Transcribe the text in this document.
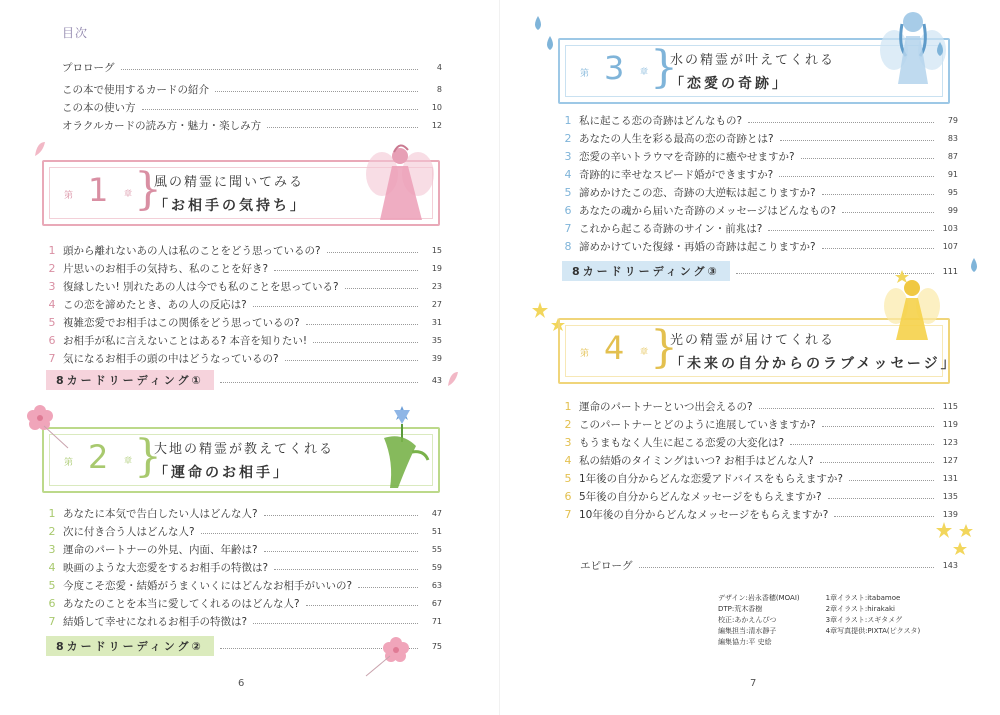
目次
プロローグ	4
この本で使用するカードの紹介	8
この本の使い方	10
オラクルカードの読み方・魅力・楽しみ方	12
第 1 章 }
風の精霊に聞いてみる
「お相手の気持ち」
1 頭から離れないあの人は私のことをどう思っているの?	15
2 片思いのお相手の気持ち、私のことを好き?	19
3 復縁したい! 別れたあの人は今でも私のことを思っている?	23
4 この恋を諦めたとき、あの人の反応は?	27
5 複雑恋愛でお相手はこの関係をどう思っているの?	31
6 お相手が私に言えないことはある? 本音を知りたい!	35
7 気になるお相手の頭の中はどうなっているの?	39
8カードリーディング①	43
第 2 章 }
大地の精霊が教えてくれる
「運命のお相手」
1 あなたに本気で告白したい人はどんな人?	47
2 次に付き合う人はどんな人?	51
3 運命のパートナーの外見、内面、年齢は?	55
4 映画のような大恋愛をするお相手の特徴は?	59
5 今度こそ恋愛・結婚がうまくいくにはどんなお相手がいいの?	63
6 あなたのことを本当に愛してくれるのはどんな人?	67
7 結婚して幸せになれるお相手の特徴は?	71
8カードリーディング②	75
6
第 3 章 }
水の精霊が叶えてくれる
「恋愛の奇跡」
1 私に起こる恋の奇跡はどんなもの?	79
2 あなたの人生を彩る最高の恋の奇跡とは?	83
3 恋愛の辛いトラウマを奇跡的に癒やせますか?	87
4 奇跡的に幸せなスピード婚ができますか?	91
5 諦めかけたこの恋、奇跡の大逆転は起こりますか?	95
6 あなたの魂から届いた奇跡のメッセージはどんなもの?	99
7 これから起こる奇跡のサイン・前兆は?	103
8 諦めかけていた復縁・再婚の奇跡は起こりますか?	107
8カードリーディング③	111
第 4 章 }
光の精霊が届けてくれる
「未来の自分からのラブメッセージ」
1 運命のパートナーといつ出会えるの?	115
2 このパートナーとどのように進展していきますか?	119
3 もうまもなく人生に起こる恋愛の大変化は?	123
4 私の結婚のタイミングはいつ? お相手はどんな人?	127
5 1年後の自分からどんな恋愛アドバイスをもらえますか?	131
6 5年後の自分からどんなメッセージをもらえますか?	135
7 10年後の自分からどんなメッセージをもらえますか?	139
エピローグ	143
デザイン:岩永香穂(MOAI)
DTP:荒木香樹
校正:あかえんぴつ
編集担当:清水靜子
編集協力:平 史絵
1章イラスト:itabamoe
2章イラスト:hirakaki
3章イラスト:スギタメグ
4章写真提供:PIXTA(ピクスタ)
7
